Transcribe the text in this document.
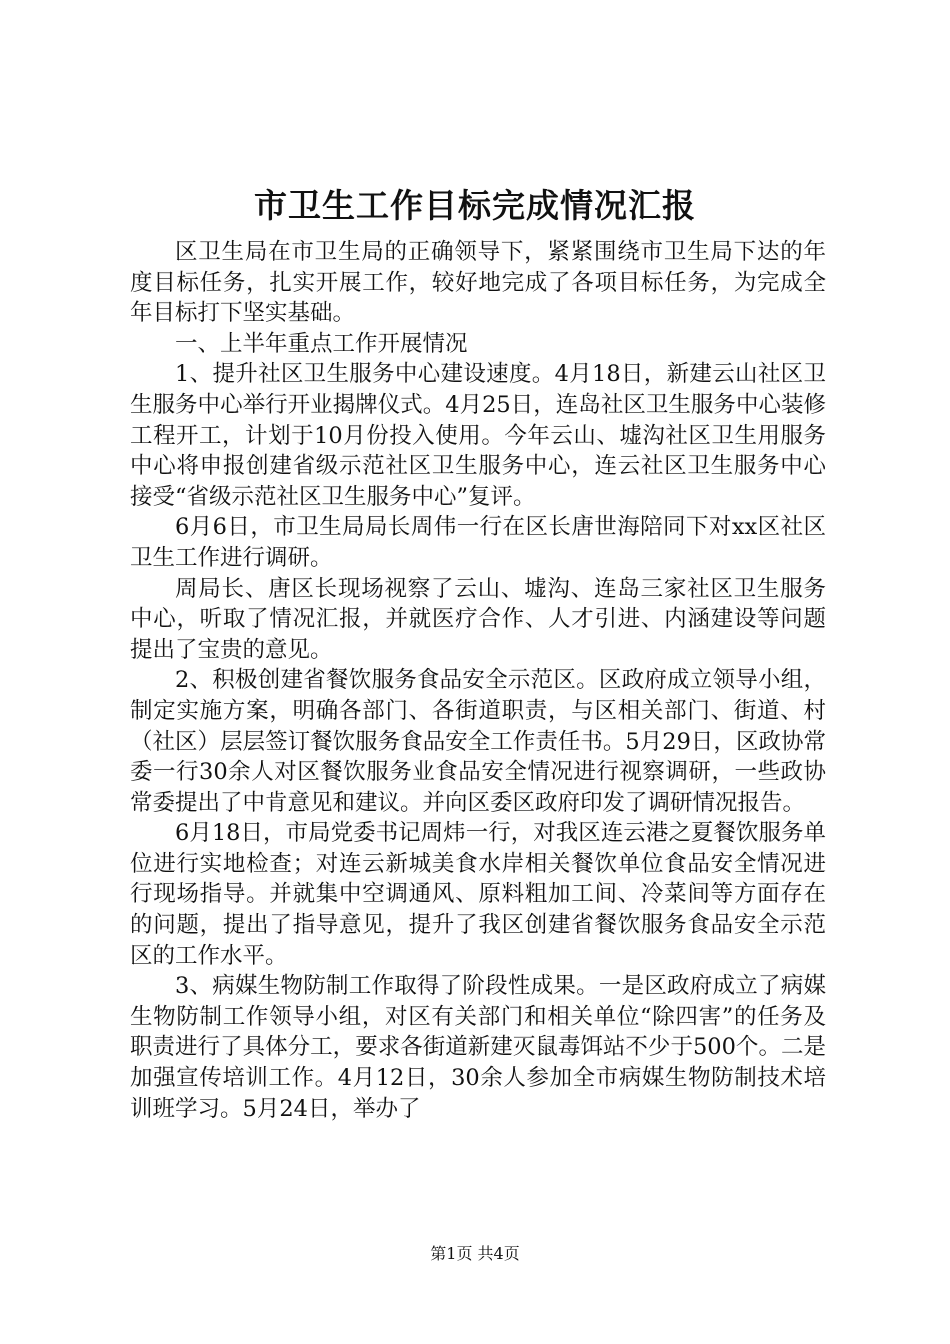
市卫生工作目标完成情况汇报

区卫生局在市卫生局的正确领导下，紧紧围绕市卫生局下达的年度目标任务，扎实开展工作，较好地完成了各项目标任务，为完成全年目标打下坚实基础。

一、上半年重点工作开展情况

1、提升社区卫生服务中心建设速度。4月18日，新建云山社区卫生服务中心举行开业揭牌仪式。4月25日，连岛社区卫生服务中心装修工程开工，计划于10月份投入使用。今年云山、墟沟社区卫生用服务中心将申报创建省级示范社区卫生服务中心，连云社区卫生服务中心接受“省级示范社区卫生服务中心”复评。

6月6日，市卫生局局长周伟一行在区长唐世海陪同下对xx区社区卫生工作进行调研。

周局长、唐区长现场视察了云山、墟沟、连岛三家社区卫生服务中心，听取了情况汇报，并就医疗合作、人才引进、内涵建设等问题提出了宝贵的意见。

2、积极创建省餐饮服务食品安全示范区。区政府成立领导小组，制定实施方案，明确各部门、各街道职责，与区相关部门、街道、村（社区）层层签订餐饮服务食品安全工作责任书。5月29日，区政协常委一行30余人对区餐饮服务业食品安全情况进行视察调研，一些政协常委提出了中肯意见和建议。并向区委区政府印发了调研情况报告。

6月18日，市局党委书记周炜一行，对我区连云港之夏餐饮服务单位进行实地检查；对连云新城美食水岸相关餐饮单位食品安全情况进行现场指导。并就集中空调通风、原料粗加工间、冷菜间等方面存在的问题，提出了指导意见，提升了我区创建省餐饮服务食品安全示范区的工作水平。

3、病媒生物防制工作取得了阶段性成果。一是区政府成立了病媒生物防制工作领导小组，对区有关部门和相关单位“除四害”的任务及职责进行了具体分工，要求各街道新建灭鼠毒饵站不少于500个。二是加强宣传培训工作。4月12日，30余人参加全市病媒生物防制技术培训班学习。5月24日，举办了

第1页 共4页
